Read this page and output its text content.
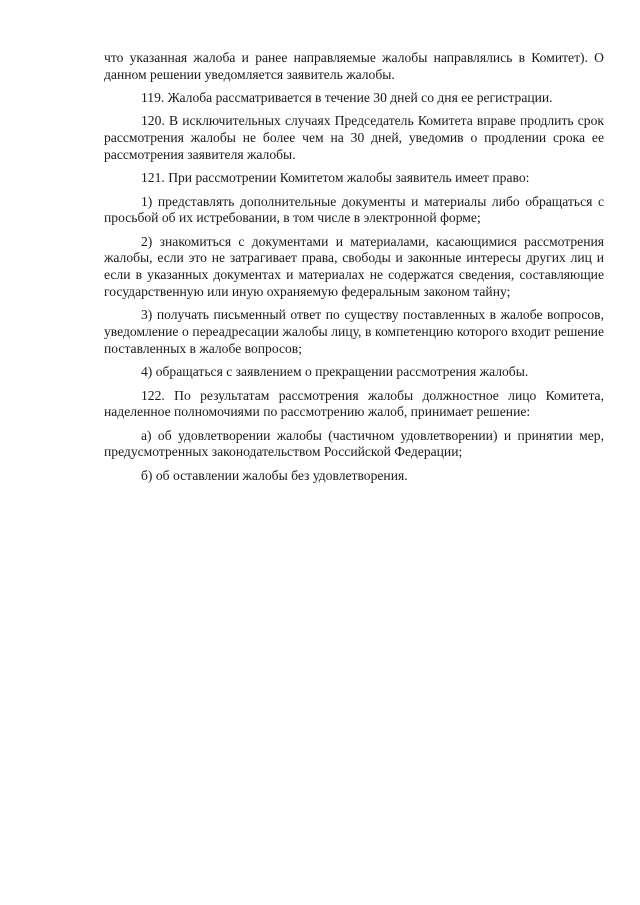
что указанная жалоба и ранее направляемые жалобы направлялись в Комитет). О данном решении уведомляется заявитель жалобы.

119. Жалоба рассматривается в течение 30 дней со дня ее регистрации.

120. В исключительных случаях Председатель Комитета вправе продлить срок рассмотрения жалобы не более чем на 30 дней, уведомив о продлении срока ее рассмотрения заявителя жалобы.

121. При рассмотрении Комитетом жалобы заявитель имеет право:

1) представлять дополнительные документы и материалы либо обращаться с просьбой об их истребовании, в том числе в электронной форме;

2) знакомиться с документами и материалами, касающимися рассмотрения жалобы, если это не затрагивает права, свободы и законные интересы других лиц и если в указанных документах и материалах не содержатся сведения, составляющие государственную или иную охраняемую федеральным законом тайну;

3) получать письменный ответ по существу поставленных в жалобе вопросов, уведомление о переадресации жалобы лицу, в компетенцию которого входит решение поставленных в жалобе вопросов;

4) обращаться с заявлением о прекращении рассмотрения жалобы.

122. По результатам рассмотрения жалобы должностное лицо Комитета, наделенное полномочиями по рассмотрению жалоб, принимает решение:

а) об удовлетворении жалобы (частичном удовлетворении) и принятии мер, предусмотренных законодательством Российской Федерации;

б) об оставлении жалобы без удовлетворения.
